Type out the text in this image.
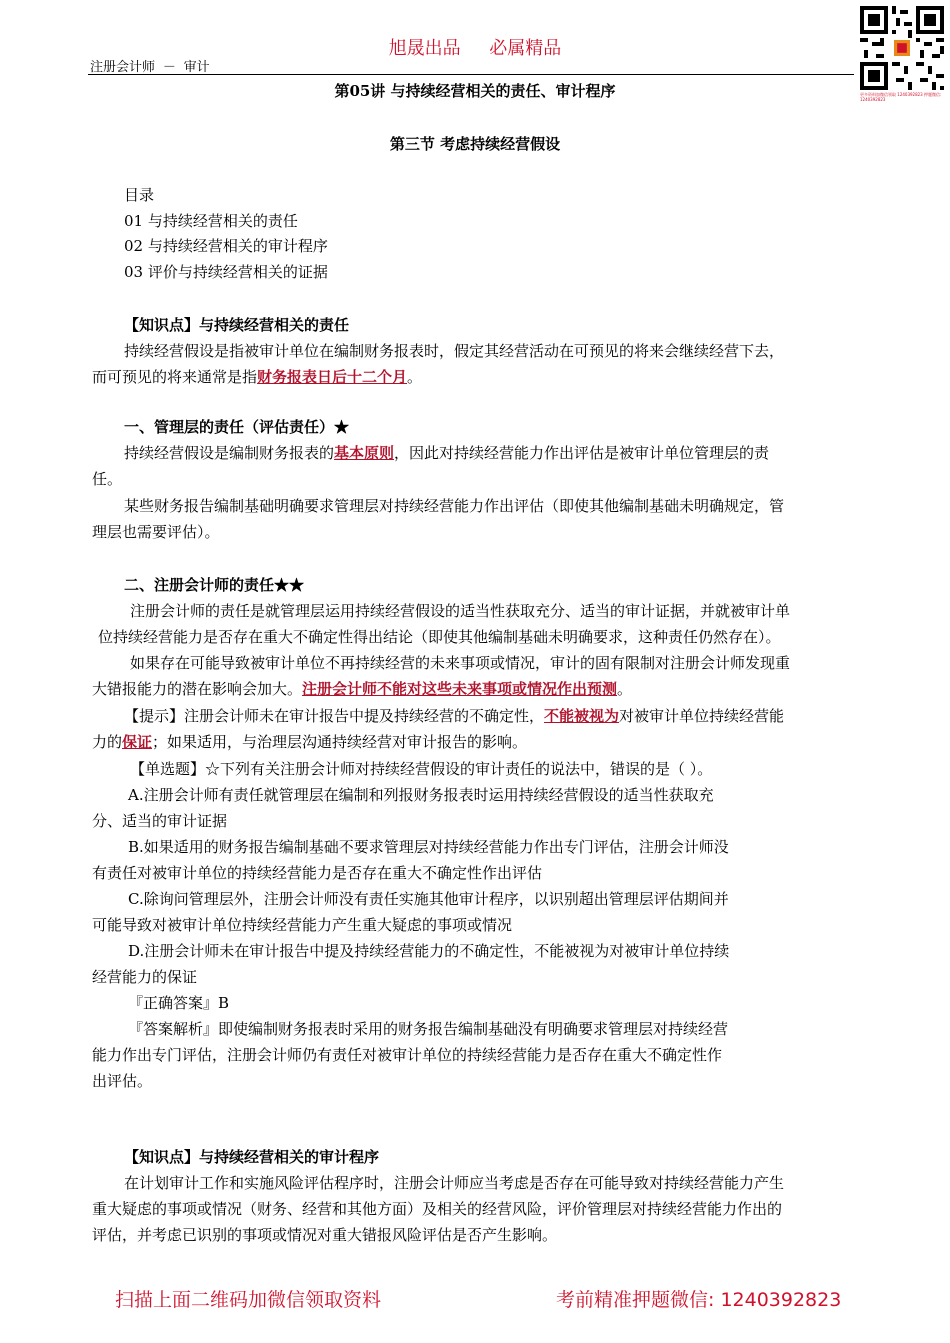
旭晟出品     必属精品
注册会计师 － 审计
更多资料加微信领取 1240392823 押题微信: 1240392823
第05讲 与持续经营相关的责任、审计程序
第三节 考虑持续经营假设
目录
01 与持续经营相关的责任
02 与持续经营相关的审计程序
03 评价与持续经营相关的证据
【知识点】与持续经营相关的责任
持续经营假设是指被审计单位在编制财务报表时，假定其经营活动在可预见的将来会继续经营下去，
而可预见的将来通常是指财务报表日后十二个月。
一、管理层的责任（评估责任）★
持续经营假设是编制财务报表的基本原则，因此对持续经营能力作出评估是被审计单位管理层的责
任。
某些财务报告编制基础明确要求管理层对持续经营能力作出评估（即使其他编制基础未明确规定，管
理层也需要评估）。
二、注册会计师的责任★★
注册会计师的责任是就管理层运用持续经营假设的适当性获取充分、适当的审计证据，并就被审计单
位持续经营能力是否存在重大不确定性得出结论（即使其他编制基础未明确要求，这种责任仍然存在）。
如果存在可能导致被审计单位不再持续经营的未来事项或情况，审计的固有限制对注册会计师发现重
大错报能力的潜在影响会加大。注册会计师不能对这些未来事项或情况作出预测。
【提示】注册会计师未在审计报告中提及持续经营的不确定性，不能被视为对被审计单位持续经营能
力的保证；如果适用，与治理层沟通持续经营对审计报告的影响。
【单选题】☆下列有关注册会计师对持续经营假设的审计责任的说法中，错误的是（ ）。
A.注册会计师有责任就管理层在编制和列报财务报表时运用持续经营假设的适当性获取充
分、适当的审计证据
B.如果适用的财务报告编制基础不要求管理层对持续经营能力作出专门评估，注册会计师没
有责任对被审计单位的持续经营能力是否存在重大不确定性作出评估
C.除询问管理层外，注册会计师没有责任实施其他审计程序，以识别超出管理层评估期间并
可能导致对被审计单位持续经营能力产生重大疑虑的事项或情况
D.注册会计师未在审计报告中提及持续经营能力的不确定性，不能被视为对被审计单位持续
经营能力的保证
『正确答案』B
『答案解析』即使编制财务报表时采用的财务报告编制基础没有明确要求管理层对持续经营
能力作出专门评估，注册会计师仍有责任对被审计单位的持续经营能力是否存在重大不确定性作
出评估。
【知识点】与持续经营相关的审计程序
在计划审计工作和实施风险评估程序时，注册会计师应当考虑是否存在可能导致对持续经营能力产生
重大疑虑的事项或情况（财务、经营和其他方面）及相关的经营风险，评价管理层对持续经营能力作出的
评估，并考虑已识别的事项或情况对重大错报风险评估是否产生影响。
扫描上面二维码加微信领取资料	考前精准押题微信: 1240392823
